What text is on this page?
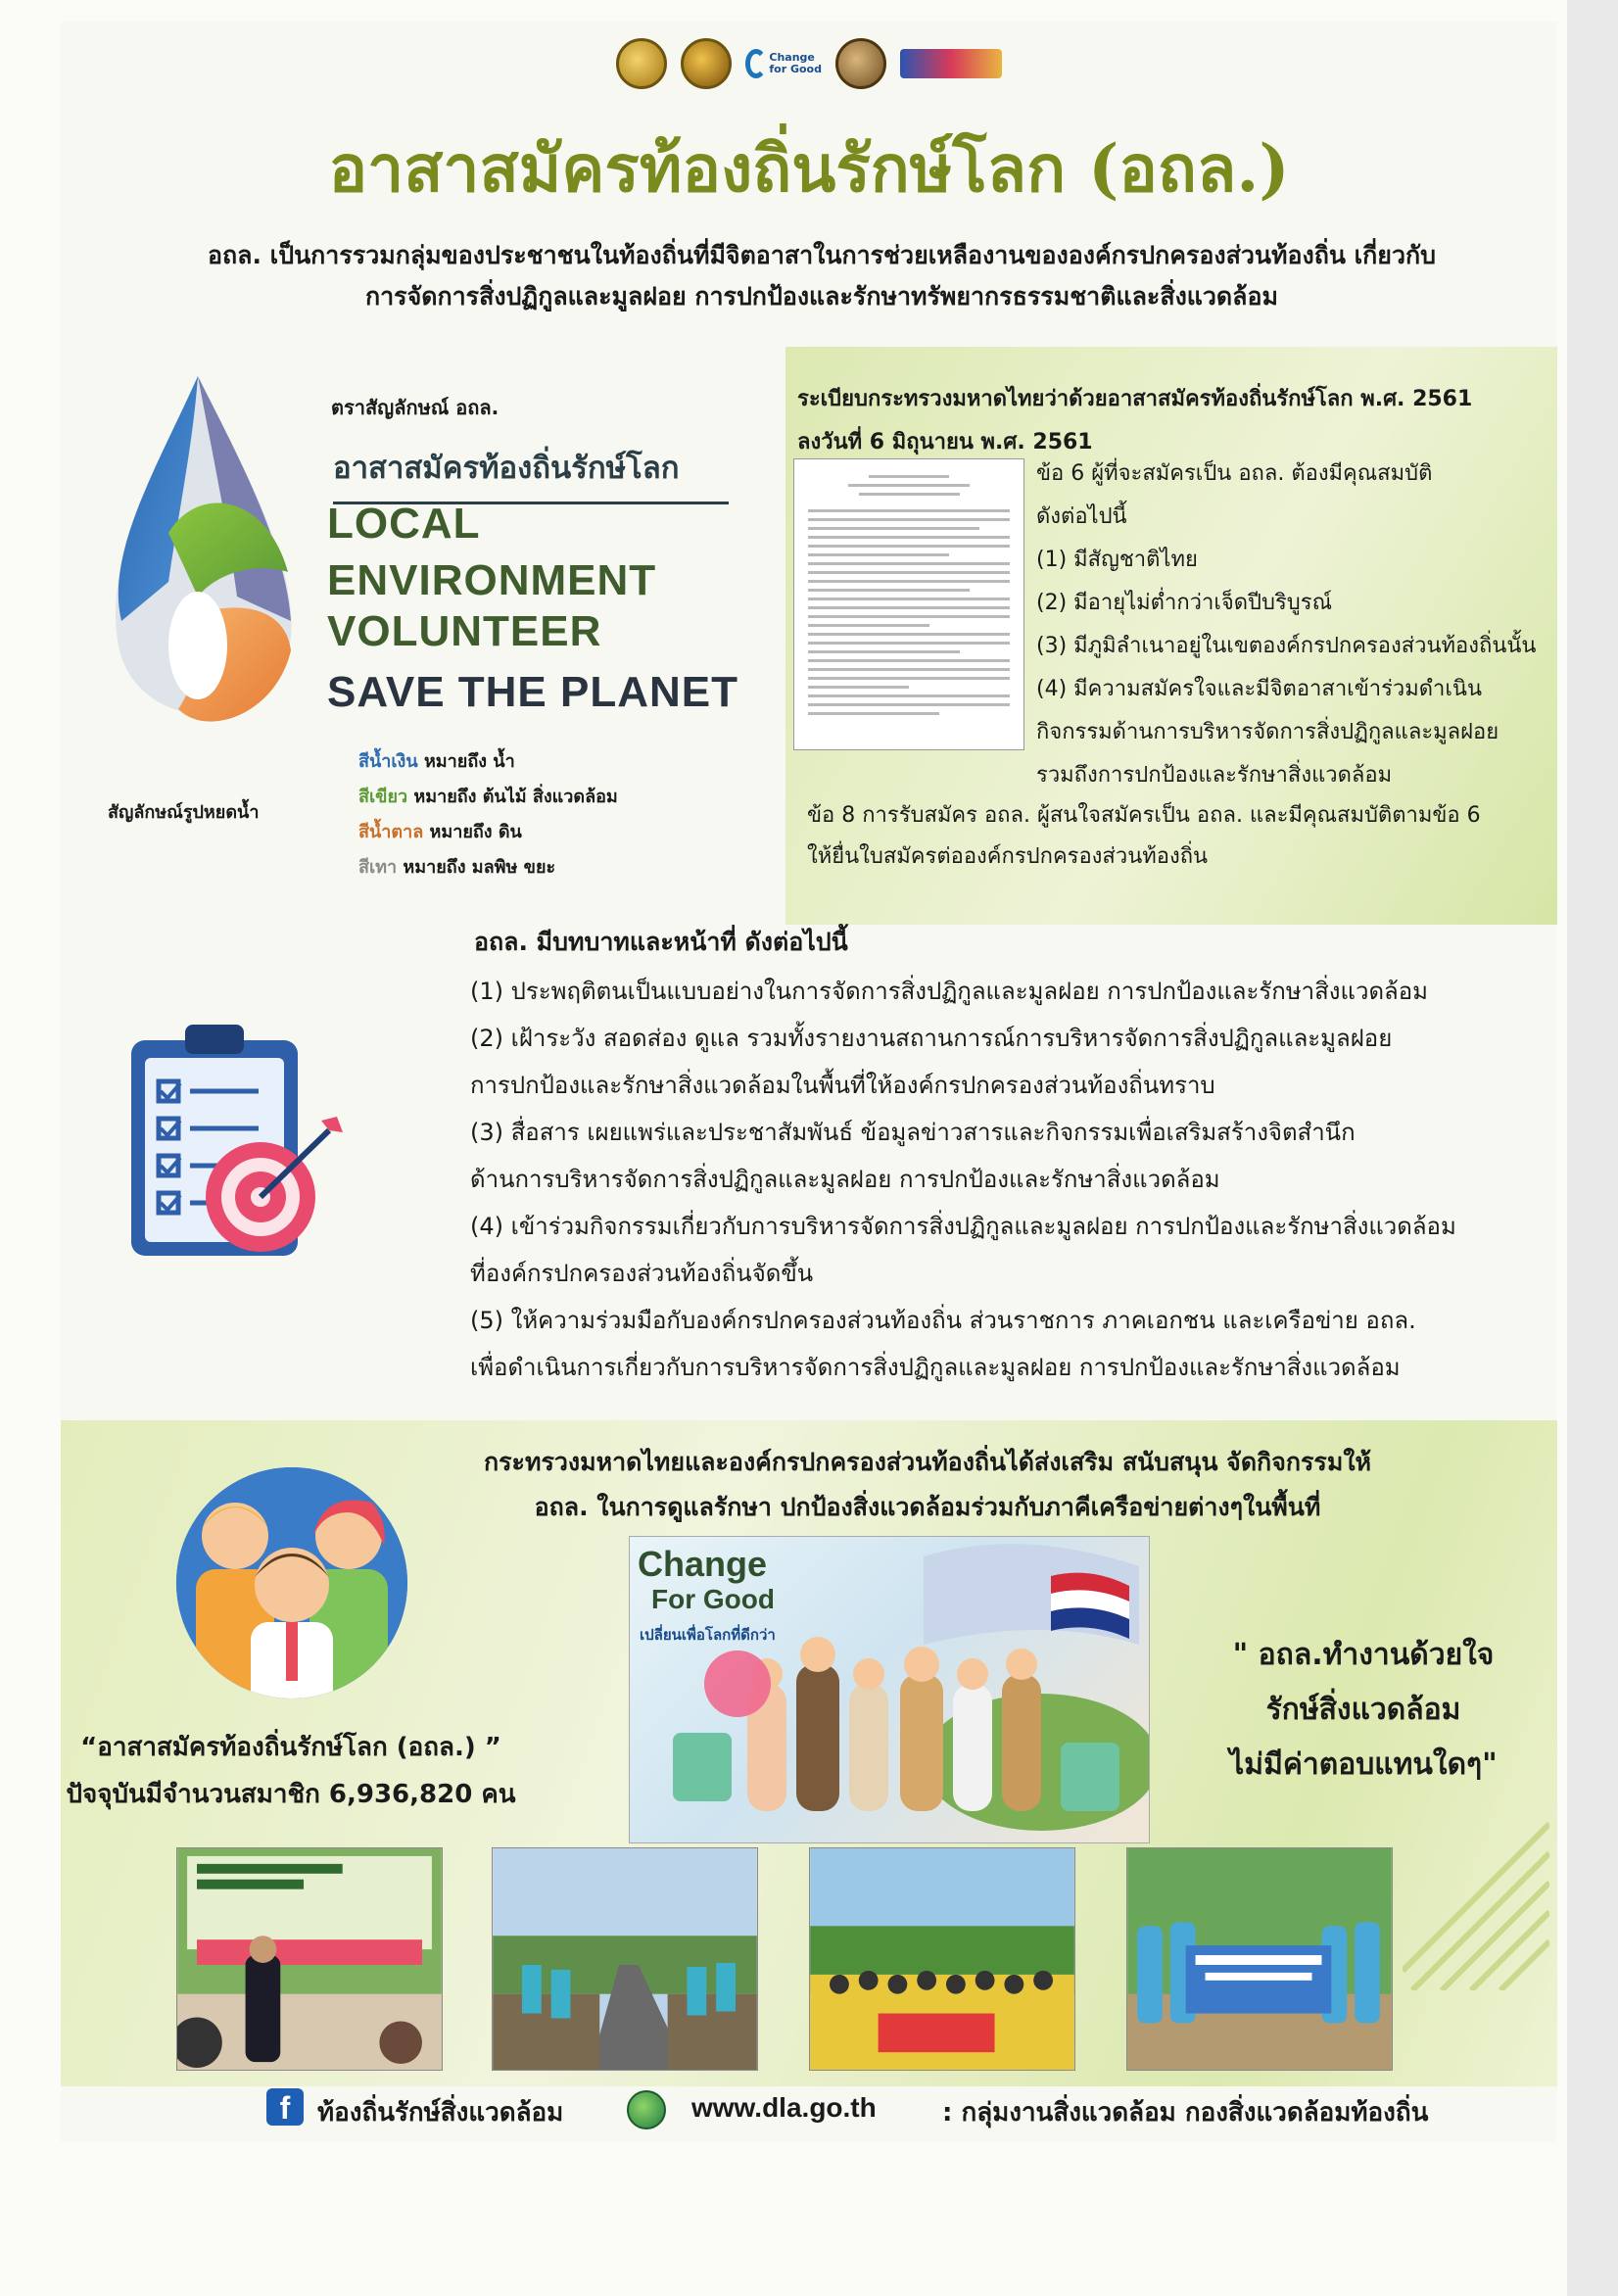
Change
for Good
อาสาสมัครท้องถิ่นรักษ์โลก (อถล.)
อถล. เป็นการรวมกลุ่มของประชาชนในท้องถิ่นที่มีจิตอาสาในการช่วยเหลืองานขององค์กรปกครองส่วนท้องถิ่น เกี่ยวกับ
การจัดการสิ่งปฏิกูลและมูลฝอย การปกป้องและรักษาทรัพยากรธรรมชาติและสิ่งแวดล้อม
สัญลักษณ์รูปหยดน้ำ
ตราสัญลักษณ์ อถล.
อาสาสมัครท้องถิ่นรักษ์โลก
LOCAL
ENVIRONMENT
VOLUNTEER
SAVE THE PLANET
สีน้ำเงิน หมายถึง น้ำ
สีเขียว หมายถึง ต้นไม้ สิ่งแวดล้อม
สีน้ำตาล หมายถึง ดิน
สีเทา หมายถึง มลพิษ ขยะ
ระเบียบกระทรวงมหาดไทยว่าด้วยอาสาสมัครท้องถิ่นรักษ์โลก พ.ศ. 2561
ลงวันที่ 6 มิถุนายน พ.ศ. 2561
ข้อ 6 ผู้ที่จะสมัครเป็น อถล. ต้องมีคุณสมบัติ
ดังต่อไปนี้
(1) มีสัญชาติไทย
(2) มีอายุไม่ต่ำกว่าเจ็ดปีบริบูรณ์
(3) มีภูมิลำเนาอยู่ในเขตองค์กรปกครองส่วนท้องถิ่นนั้น
(4) มีความสมัครใจและมีจิตอาสาเข้าร่วมดำเนิน
กิจกรรมด้านการบริหารจัดการสิ่งปฏิกูลและมูลฝอย
รวมถึงการปกป้องและรักษาสิ่งแวดล้อม
ข้อ 8 การรับสมัคร อถล. ผู้สนใจสมัครเป็น อถล. และมีคุณสมบัติตามข้อ 6
ให้ยื่นใบสมัครต่อองค์กรปกครองส่วนท้องถิ่น
อถล. มีบทบาทและหน้าที่ ดังต่อไปนี้
(1) ประพฤติตนเป็นแบบอย่างในการจัดการสิ่งปฏิกูลและมูลฝอย การปกป้องและรักษาสิ่งแวดล้อม
(2) เฝ้าระวัง สอดส่อง ดูแล รวมทั้งรายงานสถานการณ์การบริหารจัดการสิ่งปฏิกูลและมูลฝอย
การปกป้องและรักษาสิ่งแวดล้อมในพื้นที่ให้องค์กรปกครองส่วนท้องถิ่นทราบ
(3) สื่อสาร เผยแพร่และประชาสัมพันธ์ ข้อมูลข่าวสารและกิจกรรมเพื่อเสริมสร้างจิตสำนึก
ด้านการบริหารจัดการสิ่งปฏิกูลและมูลฝอย การปกป้องและรักษาสิ่งแวดล้อม
(4) เข้าร่วมกิจกรรมเกี่ยวกับการบริหารจัดการสิ่งปฏิกูลและมูลฝอย การปกป้องและรักษาสิ่งแวดล้อม
ที่องค์กรปกครองส่วนท้องถิ่นจัดขึ้น
(5) ให้ความร่วมมือกับองค์กรปกครองส่วนท้องถิ่น ส่วนราชการ ภาคเอกชน และเครือข่าย อถล.
เพื่อดำเนินการเกี่ยวกับการบริหารจัดการสิ่งปฏิกูลและมูลฝอย การปกป้องและรักษาสิ่งแวดล้อม
กระทรวงมหาดไทยและองค์กรปกครองส่วนท้องถิ่นได้ส่งเสริม สนับสนุน จัดกิจกรรมให้
อถล. ในการดูแลรักษา ปกป้องสิ่งแวดล้อมร่วมกับภาคีเครือข่ายต่างๆในพื้นที่
“อาสาสมัครท้องถิ่นรักษ์โลก (อถล.) ”
ปัจจุบันมีจำนวนสมาชิก 6,936,820 คน
Change
For Good
เปลี่ยนเพื่อโลกที่ดีกว่า
" อถล.ทำงานด้วยใจ
รักษ์สิ่งแวดล้อม
ไม่มีค่าตอบแทนใดๆ"
f	ท้องถิ่นรักษ์สิ่งแวดล้อม	www.dla.go.th	: กลุ่มงานสิ่งแวดล้อม กองสิ่งแวดล้อมท้องถิ่น
